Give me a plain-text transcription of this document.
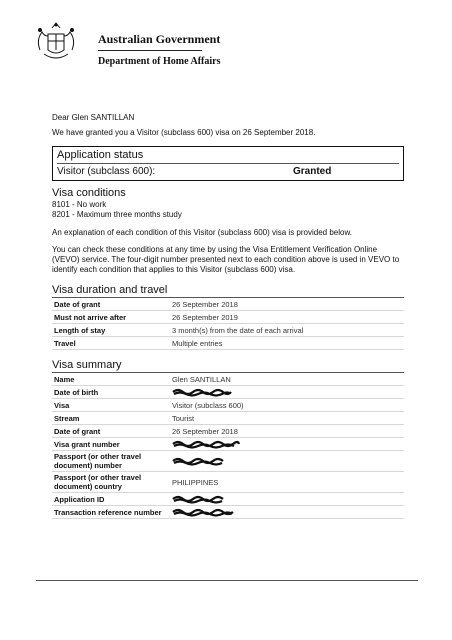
Australian Government
Department of Home Affairs
Dear Glen SANTILLAN
We have granted you a Visitor (subclass 600) visa on 26 September 2018.
Application status
Visitor (subclass 600):	Granted
Visa conditions
8101 - No work
8201 - Maximum three months study
An explanation of each condition of this Visitor (subclass 600) visa is provided below.
You can check these conditions at any time by using the Visa Entitlement Verification Online (VEVO) service. The four-digit number presented next to each condition above is used in VEVO to identify each condition that applies to this Visitor (subclass 600) visa.
Visa duration and travel
Date of grant	26 September 2018
Must not arrive after	26 September 2019
Length of stay	3 month(s) from the date of each arrival
Travel	Multiple entries
Visa summary
Name	Glen SANTILLAN
Date of birth
Visa	Visitor (subclass 600)
Stream	Tourist
Date of grant	26 September 2018
Visa grant number
Passport (or other travel document) number
Passport (or other travel document) country	PHILIPPINES
Application ID
Transaction reference number
